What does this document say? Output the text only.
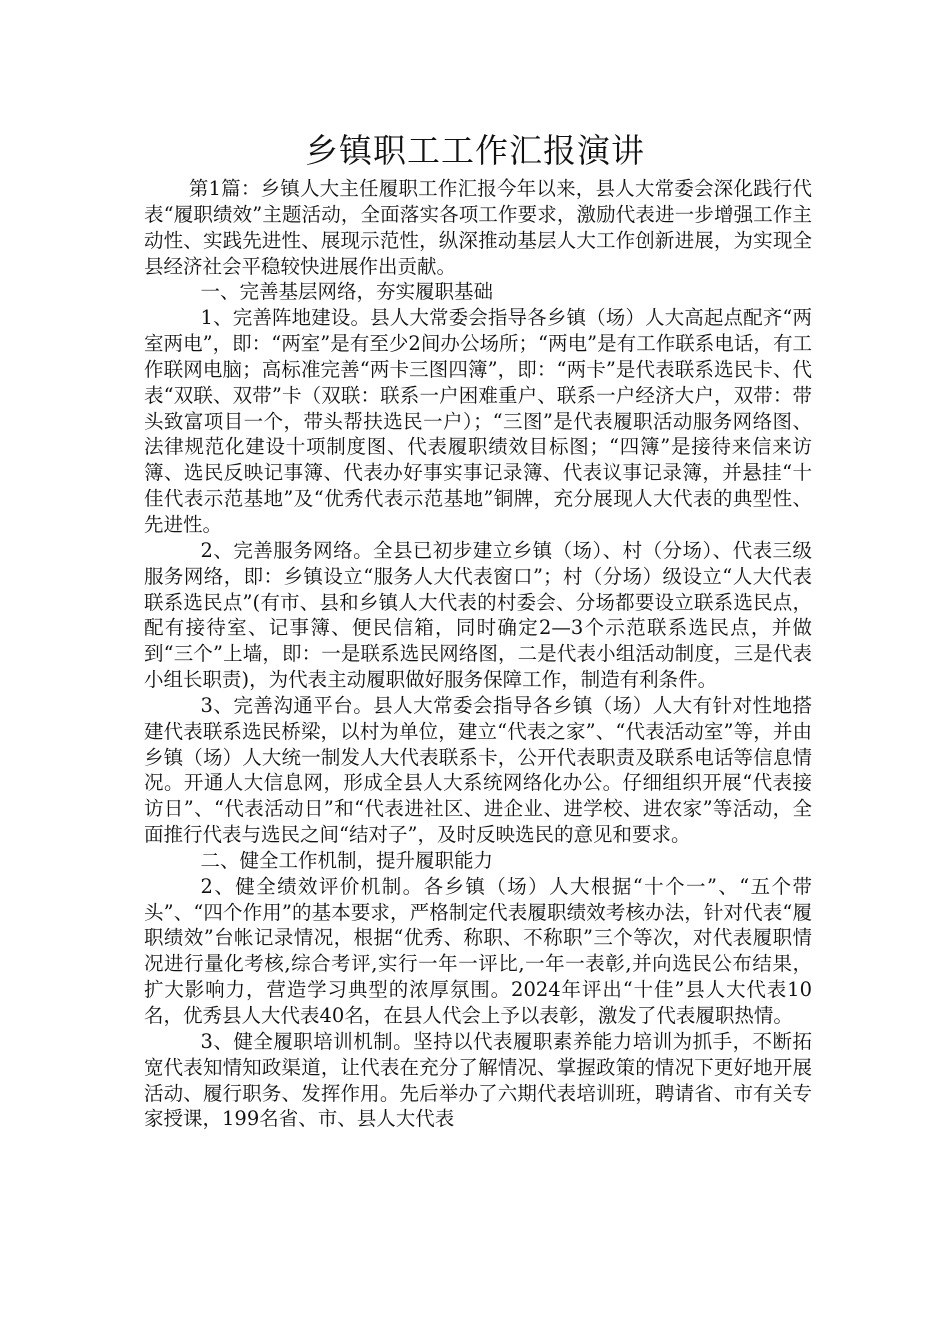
乡镇职工工作汇报演讲

第1篇：乡镇人大主任履职工作汇报今年以来，县人大常委会深化践行代表“履职绩效”主题活动，全面落实各项工作要求，激励代表进一步增强工作主动性、实践先进性、展现示范性，纵深推动基层人大工作创新进展，为实现全县经济社会平稳较快进展作出贡献。

一、完善基层网络，夯实履职基础

1、完善阵地建设。县人大常委会指导各乡镇（场）人大高起点配齐“两室两电”，即：“两室”是有至少2间办公场所；“两电”是有工作联系电话，有工作联网电脑；高标准完善“两卡三图四簿”，即：“两卡”是代表联系选民卡、代表“双联、双带”卡（双联：联系一户困难重户、联系一户经济大户，双带：带头致富项目一个，带头帮扶选民一户）；“三图”是代表履职活动服务网络图、法律规范化建设十项制度图、代表履职绩效目标图；“四簿”是接待来信来访簿、选民反映记事簿、代表办好事实事记录簿、代表议事记录簿，并悬挂“十佳代表示范基地”及“优秀代表示范基地”铜牌，充分展现人大代表的典型性、先进性。

2、完善服务网络。全县已初步建立乡镇（场）、村（分场）、代表三级服务网络，即：乡镇设立“服务人大代表窗口”；村（分场）级设立“人大代表联系选民点”(有市、县和乡镇人大代表的村委会、分场都要设立联系选民点，配有接待室、记事簿、便民信箱，同时确定2—3个示范联系选民点，并做到“三个”上墙，即：一是联系选民网络图，二是代表小组活动制度，三是代表小组长职责)，为代表主动履职做好服务保障工作，制造有利条件。

3、完善沟通平台。县人大常委会指导各乡镇（场）人大有针对性地搭建代表联系选民桥梁，以村为单位，建立“代表之家”、“代表活动室”等，并由乡镇（场）人大统一制发人大代表联系卡，公开代表职责及联系电话等信息情况。开通人大信息网，形成全县人大系统网络化办公。仔细组织开展“代表接访日”、“代表活动日”和“代表进社区、进企业、进学校、进农家”等活动，全面推行代表与选民之间“结对子”，及时反映选民的意见和要求。

二、健全工作机制，提升履职能力

2、健全绩效评价机制。各乡镇（场）人大根据“十个一”、“五个带头”、“四个作用”的基本要求，严格制定代表履职绩效考核办法，针对代表“履职绩效”台帐记录情况，根据“优秀、称职、不称职”三个等次，对代表履职情况进行量化考核,综合考评,实行一年一评比,一年一表彰,并向选民公布结果，扩大影响力，营造学习典型的浓厚氛围。2024年评出“十佳”县人大代表10名，优秀县人大代表40名，在县人代会上予以表彰，激发了代表履职热情。

3、健全履职培训机制。坚持以代表履职素养能力培训为抓手，不断拓宽代表知情知政渠道，让代表在充分了解情况、掌握政策的情况下更好地开展活动、履行职务、发挥作用。先后举办了六期代表培训班，聘请省、市有关专家授课，199名省、市、县人大代表
